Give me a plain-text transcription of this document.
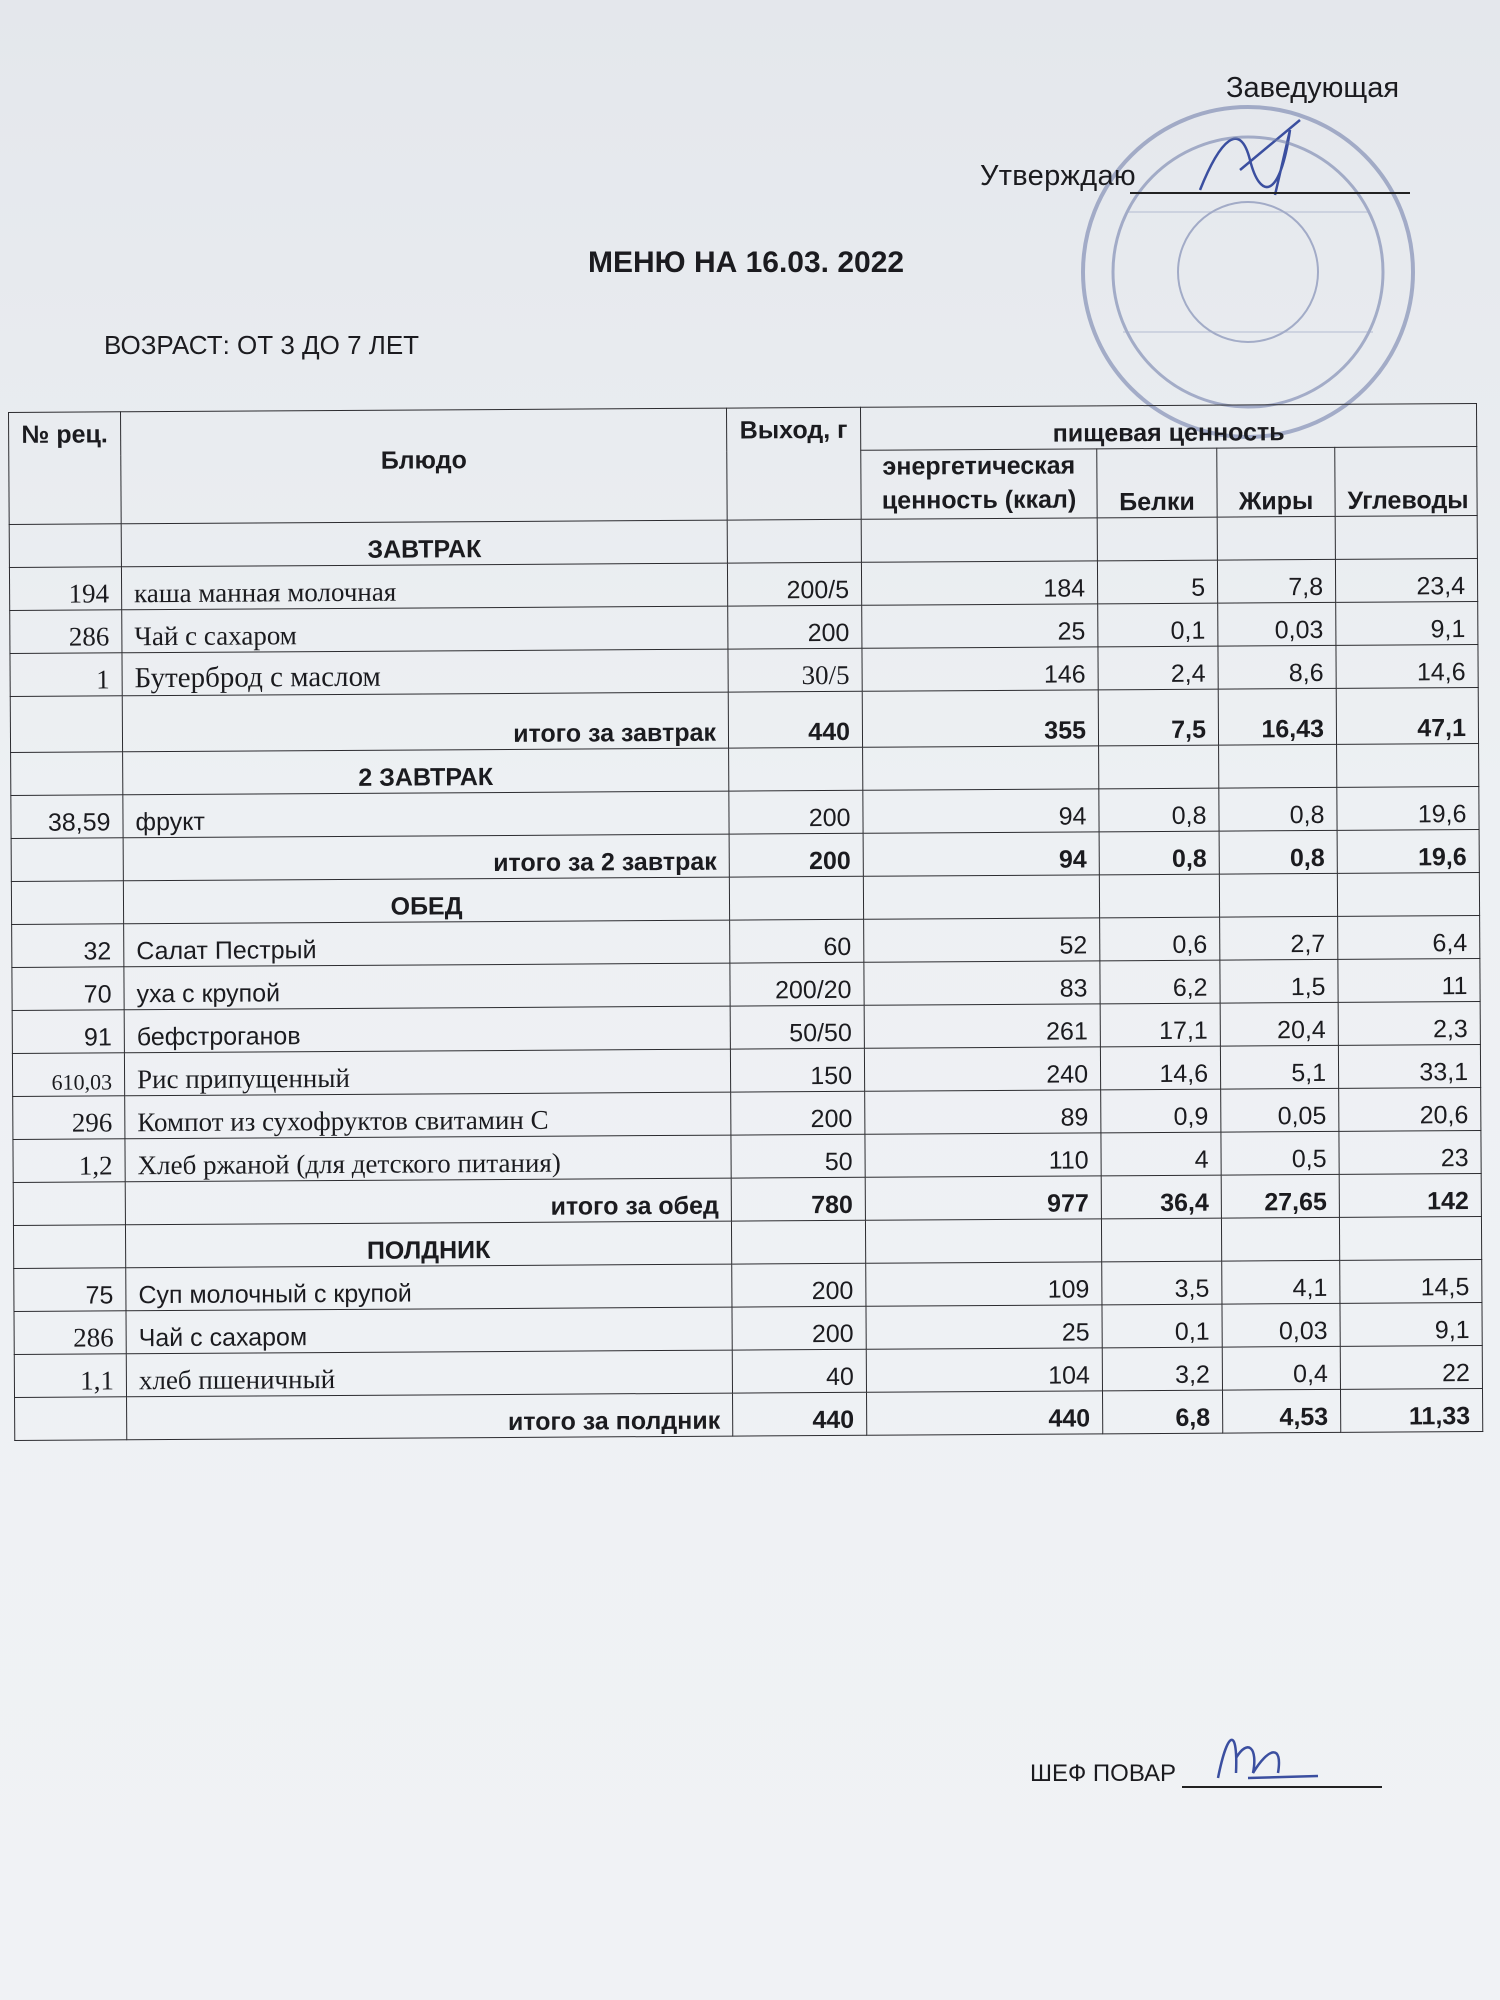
Заведующая
Утверждаю
МЕНЮ НА 16.03. 2022
ВОЗРАСТ: ОТ 3 ДО 7 ЛЕТ
№ рец.	Блюдо	Выход, г	пищевая ценность			
			энергетическая ценность (ккал)	Белки	Жиры	Углеводы
	ЗАВТРАК					
194	каша манная молочная	200/5	184	5	7,8	23,4
286	Чай с сахаром	200	25	0,1	0,03	9,1
1	Бутерброд с маслом	30/5	146	2,4	8,6	14,6
	итого за завтрак	440	355	7,5	16,43	47,1
	2 ЗАВТРАК					
38,59	фрукт	200	94	0,8	0,8	19,6
	итого за 2 завтрак	200	94	0,8	0,8	19,6
	ОБЕД					
32	Салат Пестрый	60	52	0,6	2,7	6,4
70	уха с крупой	200/20	83	6,2	1,5	11
91	бефстроганов	50/50	261	17,1	20,4	2,3
610,03	Рис припущенный	150	240	14,6	5,1	33,1
296	Компот из сухофруктов свитамин С	200	89	0,9	0,05	20,6
1,2	Хлеб ржаной (для детского питания)	50	110	4	0,5	23
	итого за обед	780	977	36,4	27,65	142
	ПОЛДНИК					
75	Суп молочный с крупой	200	109	3,5	4,1	14,5
286	Чай с сахаром	200	25	0,1	0,03	9,1
1,1	хлеб пшеничный	40	104	3,2	0,4	22
	итого за полдник	440	440	6,8	4,53	11,33
ШЕФ ПОВАР
